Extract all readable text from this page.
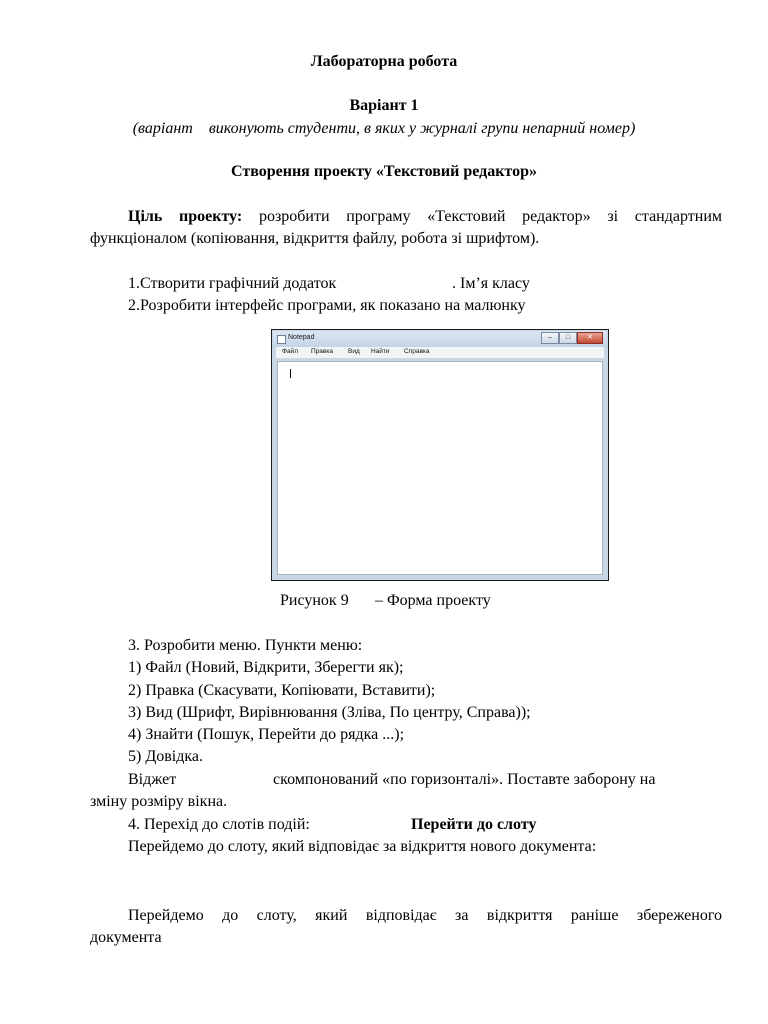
Лабораторна робота
Варіант 1
(варіант    виконують студенти, в яких у журналі групи непарний номер)
Створення проекту «Текстовий редактор»
Ціль проекту: розробити програму «Текстовий редактор» зі стандартним
функціоналом (копіювання, відкриття файлу, робота зі шрифтом).
1.Створити графічний додаток	. Ім’я класу
2.Розробити інтерфейс програми, як показано на малюнку
Notepad	–	□	✕
Файл Правка Вид Найти Справка
Рисунок 9 – Форма проекту
3. Розробити меню. Пункти меню:
1) Файл (Новий, Відкрити, Зберегти як);
2) Правка (Скасувати, Копіювати, Вставити);
3) Вид (Шрифт, Вирівнювання (Зліва, По центру, Справа));
4) Знайти (Пошук, Перейти до рядка ...);
5) Довідка.
Віджет	скомпонований «по горизонталі». Поставте заборону на
зміну розміру вікна.
4. Перехід до слотів подій:	Перейти до слоту
Перейдемо до слоту, який відповідає за відкриття нового документа:
Перейдемо до слоту, який відповідає за відкриття раніше збереженого
документа
